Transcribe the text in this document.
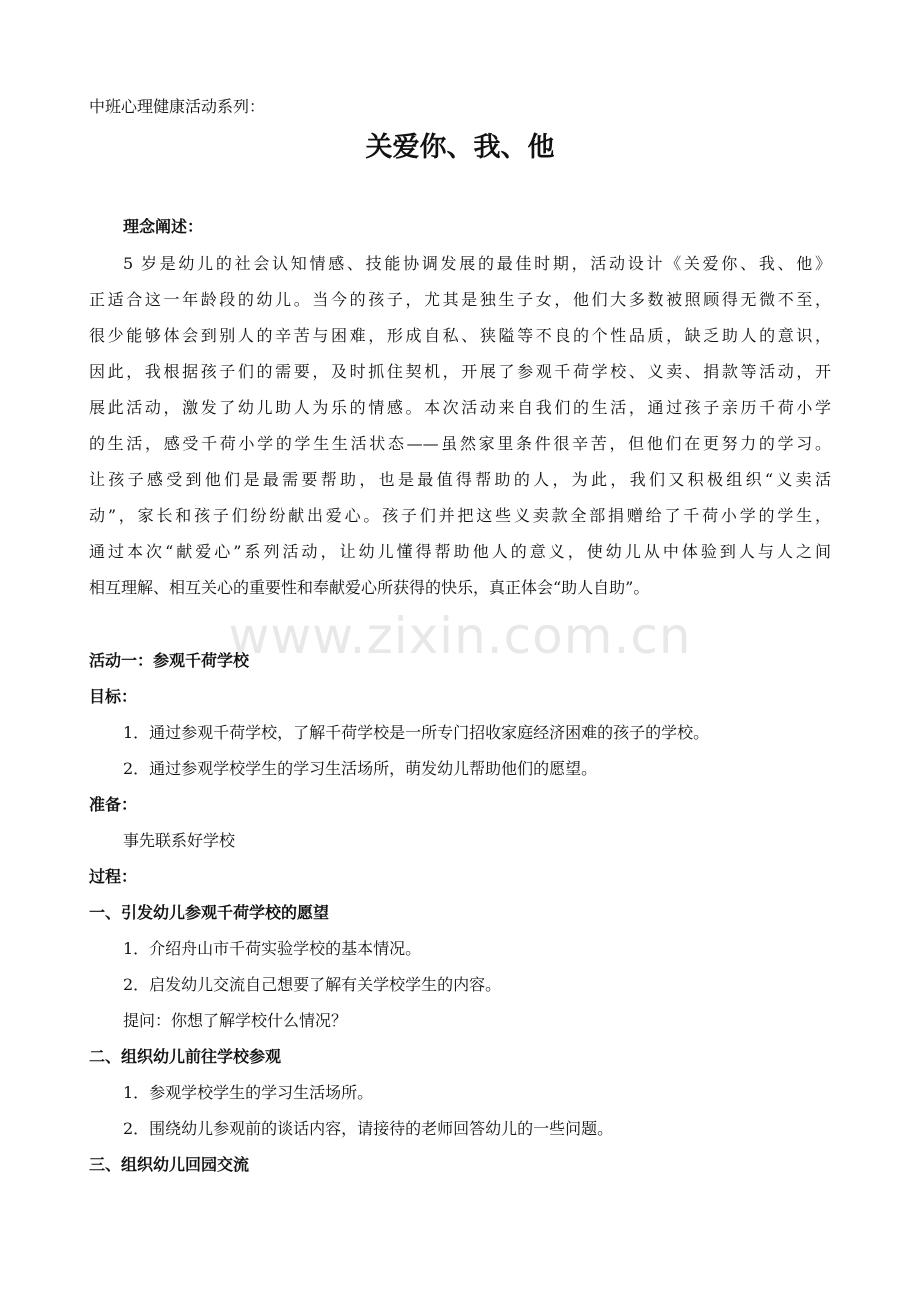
中班心理健康活动系列：
关爱你、我、他
理念阐述：
5 岁是幼儿的社会认知情感、技能协调发展的最佳时期，活动设计《关爱你、我、他》
正适合这一年龄段的幼儿。当今的孩子，尤其是独生子女，他们大多数被照顾得无微不至，
很少能够体会到别人的辛苦与困难，形成自私、狭隘等不良的个性品质，缺乏助人的意识，
因此，我根据孩子们的需要，及时抓住契机，开展了参观千荷学校、义卖、捐款等活动，开
展此活动，激发了幼儿助人为乐的情感。本次活动来自我们的生活，通过孩子亲历千荷小学
的生活，感受千荷小学的学生生活状态——虽然家里条件很辛苦，但他们在更努力的学习。
让孩子感受到他们是最需要帮助，也是最值得帮助的人，为此，我们又积极组织“义卖活
动”，家长和孩子们纷纷献出爱心。孩子们并把这些义卖款全部捐赠给了千荷小学的学生，
通过本次“献爱心”系列活动，让幼儿懂得帮助他人的意义，使幼儿从中体验到人与人之间
相互理解、相互关心的重要性和奉献爱心所获得的快乐，真正体会“助人自助”。
www.zixin.com.cn
活动一：参观千荷学校
目标：
1．通过参观千荷学校，了解千荷学校是一所专门招收家庭经济困难的孩子的学校。
2．通过参观学校学生的学习生活场所，萌发幼儿帮助他们的愿望。
准备：
事先联系好学校
过程：
一、引发幼儿参观千荷学校的愿望
1．介绍舟山市千荷实验学校的基本情况。
2．启发幼儿交流自己想要了解有关学校学生的内容。
提问：你想了解学校什么情况？
二、组织幼儿前往学校参观
1．参观学校学生的学习生活场所。
2．围绕幼儿参观前的谈话内容，请接待的老师回答幼儿的一些问题。
三、组织幼儿回园交流
